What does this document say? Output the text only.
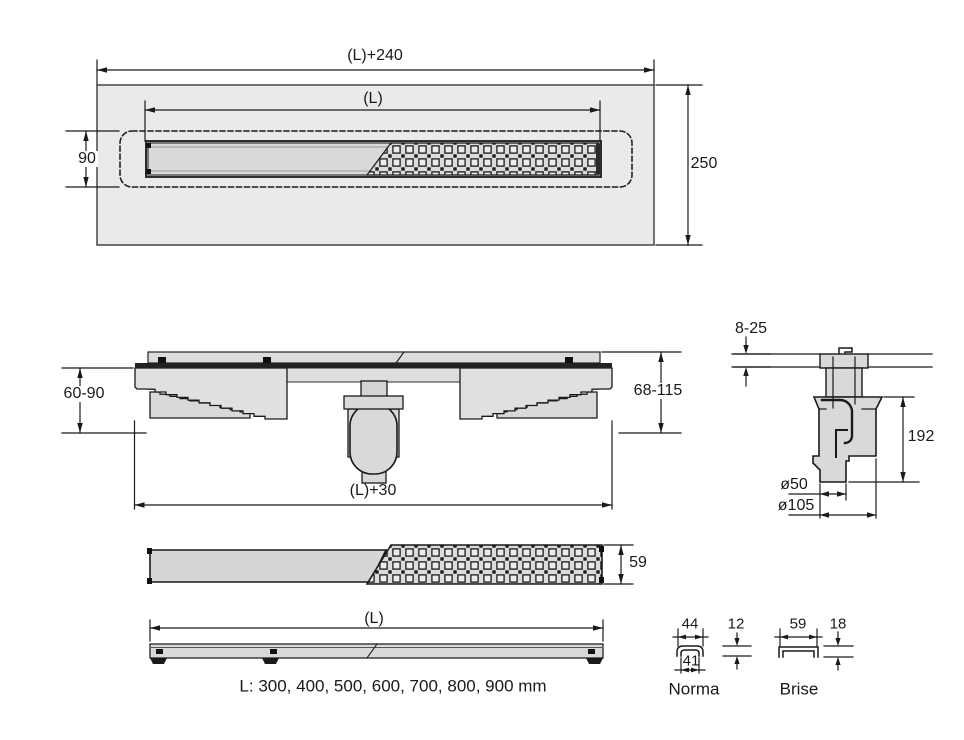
(L)+240
(L)
250
90
60-90	68-115
(L)+30
8-25
192
ø50
ø105
59
(L)
L: 300, 400, 500, 600, 700, 800, 900 mm
44 12
41
Norma
59 18
Brise
